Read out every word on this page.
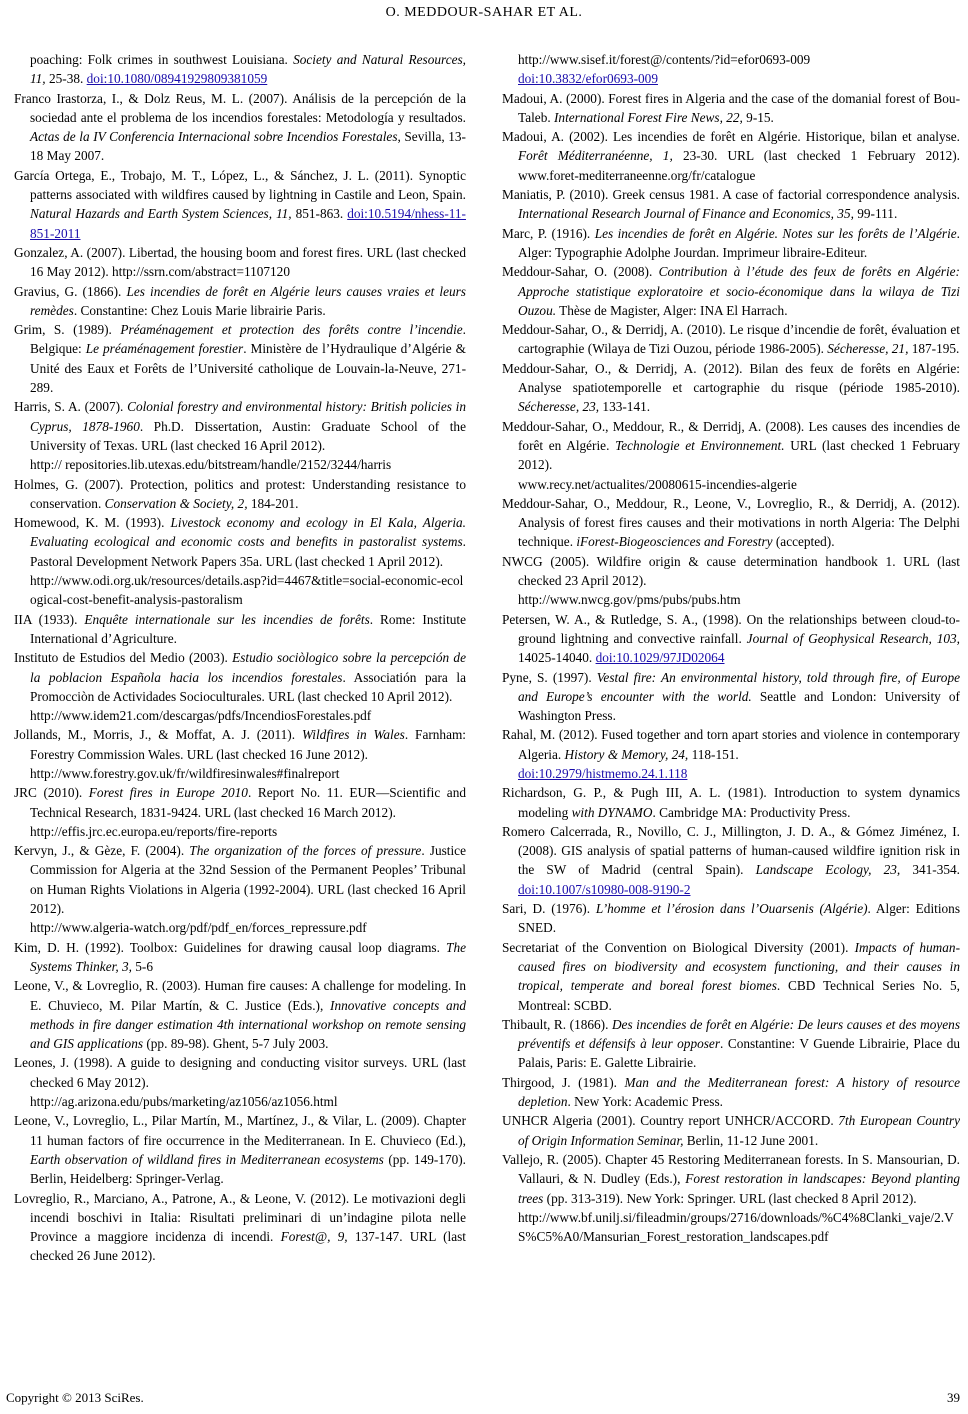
O. MEDDOUR-SAHAR ET AL.
poaching: Folk crimes in southwest Louisiana. Society and Natural Resources, 11, 25-38. doi:10.1080/08941929809381059
Franco Irastorza, I., & Dolz Reus, M. L. (2007). Análisis de la percepción de la sociedad ante el problema de los incendios forestales: Metodología y resultados. Actas de la IV Conferencia Internacional sobre Incendios Forestales, Sevilla, 13-18 May 2007.
García Ortega, E., Trobajo, M. T., López, L., & Sánchez, J. L. (2011). Synoptic patterns associated with wildfires caused by lightning in Castile and Leon, Spain. Natural Hazards and Earth System Sciences, 11, 851-863. doi:10.5194/nhess-11-851-2011
Gonzalez, A. (2007). Libertad, the housing boom and forest fires. URL (last checked 16 May 2012). http://ssrn.com/abstract=1107120
Gravius, G. (1866). Les incendies de forêt en Algérie leurs causes vraies et leurs remèdes. Constantine: Chez Louis Marie librairie Paris.
Grim, S. (1989). Préaménagement et protection des forêts contre l’incendie. Belgique: Le préaménagement forestier. Ministère de l’Hydraulique d’Algérie & Unité des Eaux et Forêts de l’Université catholique de Louvain-la-Neuve, 271-289.
Harris, S. A. (2007). Colonial forestry and environmental history: British policies in Cyprus, 1878-1960. Ph.D. Dissertation, Austin: Graduate School of the University of Texas. URL (last checked 16 April 2012).
http:// repositories.lib.utexas.edu/bitstream/handle/2152/3244/harris
Holmes, G. (2007). Protection, politics and protest: Understanding resistance to conservation. Conservation & Society, 2, 184-201.
Homewood, K. M. (1993). Livestock economy and ecology in El Kala, Algeria. Evaluating ecological and economic costs and benefits in pastoralist systems. Pastoral Development Network Papers 35a. URL (last checked 1 April 2012).
http://www.odi.org.uk/resources/details.asp?id=4467&title=social-economic-ecological-cost-benefit-analysis-pastoralism
IIA (1933). Enquête internationale sur les incendies de forêts. Rome: Institute International d’Agriculture.
Instituto de Estudios del Medio (2003). Estudio sociòlogico sobre la percepción de la poblacion Española hacia los incendios forestales. Associatión para la Promocciòn de Actividades Socioculturales. URL (last checked 10 April 2012).
http://www.idem21.com/descargas/pdfs/IncendiosForestales.pdf
Jollands, M., Morris, J., & Moffat, A. J. (2011). Wildfires in Wales. Farnham: Forestry Commission Wales. URL (last checked 16 June 2012).
http://www.forestry.gov.uk/fr/wildfiresinwales#finalreport
JRC (2010). Forest fires in Europe 2010. Report No. 11. EUR—Scientific and Technical Research, 1831-9424. URL (last checked 16 March 2012).
http://effis.jrc.ec.europa.eu/reports/fire-reports
Kervyn, J., & Gèze, F. (2004). The organization of the forces of pressure. Justice Commission for Algeria at the 32nd Session of the Permanent Peoples’ Tribunal on Human Rights Violations in Algeria (1992-2004). URL (last checked 16 April 2012).
http://www.algeria-watch.org/pdf/pdf_en/forces_repressure.pdf
Kim, D. H. (1992). Toolbox: Guidelines for drawing causal loop diagrams. The Systems Thinker, 3, 5-6
Leone, V., & Lovreglio, R. (2003). Human fire causes: A challenge for modeling. In E. Chuvieco, M. Pilar Martín, & C. Justice (Eds.), Innovative concepts and methods in fire danger estimation 4th international workshop on remote sensing and GIS applications (pp. 89-98). Ghent, 5-7 July 2003.
Leones, J. (1998). A guide to designing and conducting visitor surveys. URL (last checked 6 May 2012).
http://ag.arizona.edu/pubs/marketing/az1056/az1056.html
Leone, V., Lovreglio, L., Pilar Martín, M., Martínez, J., & Vilar, L. (2009). Chapter 11 human factors of fire occurrence in the Mediterranean. In E. Chuvieco (Ed.), Earth observation of wildland fires in Mediterranean ecosystems (pp. 149-170). Berlin, Heidelberg: Springer-Verlag.
Lovreglio, R., Marciano, A., Patrone, A., & Leone, V. (2012). Le motivazioni degli incendi boschivi in Italia: Risultati preliminari di un’indagine pilota nelle Province a maggiore incidenza di incendi. Forest@, 9, 137-147. URL (last checked 26 June 2012).
http://www.sisef.it/forest@/contents/?id=efor0693-009
doi:10.3832/efor0693-009
Madoui, A. (2000). Forest fires in Algeria and the case of the domanial forest of Bou-Taleb. International Forest Fire News, 22, 9-15.
Madoui, A. (2002). Les incendies de forêt en Algérie. Historique, bilan et analyse. Forêt Méditerranéenne, 1, 23-30. URL (last checked 1 February 2012). www.foret-mediterraneenne.org/fr/catalogue
Maniatis, P. (2010). Greek census 1981. A case of factorial correspondence analysis. International Research Journal of Finance and Economics, 35, 99-111.
Marc, P. (1916). Les incendies de forêt en Algérie. Notes sur les forêts de l’Algérie. Alger: Typographie Adolphe Jourdan. Imprimeur libraire-Editeur.
Meddour-Sahar, O. (2008). Contribution à l’étude des feux de forêts en Algérie: Approche statistique exploratoire et socio-économique dans la wilaya de Tizi Ouzou. Thèse de Magister, Alger: INA El Harrach.
Meddour-Sahar, O., & Derridj, A. (2010). Le risque d’incendie de forêt, évaluation et cartographie (Wilaya de Tizi Ouzou, période 1986-2005). Sécheresse, 21, 187-195.
Meddour-Sahar, O., & Derridj, A. (2012). Bilan des feux de forêts en Algérie: Analyse spatiotemporelle et cartographie du risque (période 1985-2010). Sécheresse, 23, 133-141.
Meddour-Sahar, O., Meddour, R., & Derridj, A. (2008). Les causes des incendies de forêt en Algérie. Technologie et Environnement. URL (last checked 1 February 2012).
www.recy.net/actualites/20080615-incendies-algerie
Meddour-Sahar, O., Meddour, R., Leone, V., Lovreglio, R., & Derridj, A. (2012). Analysis of forest fires causes and their motivations in north Algeria: The Delphi technique. iForest-Biogeosciences and Forestry (accepted).
NWCG (2005). Wildfire origin & cause determination handbook 1. URL (last checked 23 April 2012).
http://www.nwcg.gov/pms/pubs/pubs.htm
Petersen, W. A., & Rutledge, S. A., (1998). On the relationships between cloud-to-ground lightning and convective rainfall. Journal of Geophysical Research, 103, 14025-14040. doi:10.1029/97JD02064
Pyne, S. (1997). Vestal fire: An environmental history, told through fire, of Europe and Europe’s encounter with the world. Seattle and London: University of Washington Press.
Rahal, M. (2012). Fused together and torn apart stories and violence in contemporary Algeria. History & Memory, 24, 118-151.
doi:10.2979/histmemo.24.1.118
Richardson, G. P., & Pugh III, A. L. (1981). Introduction to system dynamics modeling with DYNAMO. Cambridge MA: Productivity Press.
Romero Calcerrada, R., Novillo, C. J., Millington, J. D. A., & Gómez Jiménez, I. (2008). GIS analysis of spatial patterns of human-caused wildfire ignition risk in the SW of Madrid (central Spain). Landscape Ecology, 23, 341-354. doi:10.1007/s10980-008-9190-2
Sari, D. (1976). L’homme et l’érosion dans l’Ouarsenis (Algérie). Alger: Editions SNED.
Secretariat of the Convention on Biological Diversity (2001). Impacts of human-caused fires on biodiversity and ecosystem functioning, and their causes in tropical, temperate and boreal forest biomes. CBD Technical Series No. 5, Montreal: SCBD.
Thibault, R. (1866). Des incendies de forêt en Algérie: De leurs causes et des moyens préventifs et défensifs à leur opposer. Constantine: V Guende Librairie, Place du Palais, Paris: E. Galette Librairie.
Thirgood, J. (1981). Man and the Mediterranean forest: A history of resource depletion. New York: Academic Press.
UNHCR Algeria (2001). Country report UNHCR/ACCORD. 7th European Country of Origin Information Seminar, Berlin, 11-12 June 2001.
Vallejo, R. (2005). Chapter 45 Restoring Mediterranean forests. In S. Mansourian, D. Vallauri, & N. Dudley (Eds.), Forest restoration in landscapes: Beyond planting trees (pp. 313-319). New York: Springer. URL (last checked 8 April 2012).
http://www.bf.unilj.si/fileadmin/groups/2716/downloads/%C4%8Clanki_vaje/2.VS%C5%A0/Mansurian_Forest_restoration_landscapes.pdf
Copyright © 2013 SciRes.	39
